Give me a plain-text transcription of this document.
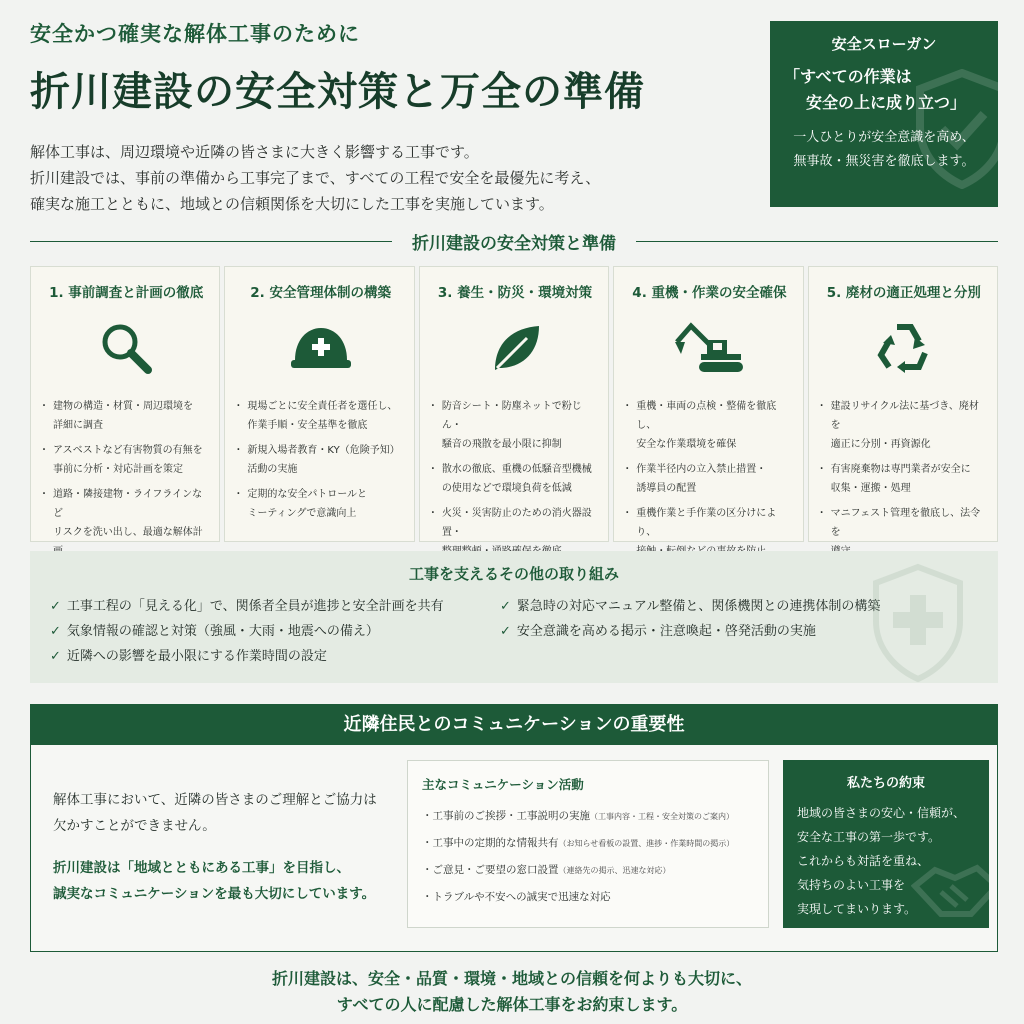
安全かつ確実な解体工事のために
折川建設の安全対策と万全の準備

解体工事は、周辺環境や近隣の皆さまに大きく影響する工事です。

折川建設では、事前の準備から工事完了まで、すべての工程で安全を最優先に考え、

確実な施工とともに、地域との信頼関係を大切にした工事を実施しています。

安全スローガン
「すべての作業は
安全の上に成り立つ」
一人ひとりが安全意識を高め、
無事故・無災害を徹底します。
折川建設の安全対策と準備
1. 事前調査と計画の徹底
・ 建物の構造・材質・周辺環境を
詳細に調査
・ アスベストなど有害物質の有無を
事前に分析・対応計画を策定
・ 道路・隣接建物・ライフラインなど
リスクを洗い出し、最適な解体計

2. 安全管理体制の構築
・ 現場ごとに安全責任者を選任し、
作業手順・安全基準を徹底
・ 新規入場者教育・KY（危険予知）
活動の実施
・ 定期的な安全パトロールと
ミーティングで意識向上
3. 養生・防災・環境対策
・ 防音シート・防塵ネットで粉じん・
騒音の飛散を最小限に抑制
・ 散水の徹底、重機の低騒音型機械
の使用などで環境負荷を低減
・ 火災・災害防止のための消火器設置・

4. 重機・作業の安全確保
・ 重機・車両の点検・整備を徹底し、
安全な作業環境を確保
・ 作業半径内の立入禁止措置・
誘導員の配置
・ 重機作業と手作業の区分けにより、

5. 廃材の適正処理と分別
・ 建設リサイクル法に基づき、廃材を
適正に分別・再資源化
・ 有害廃棄物は専門業者が安全に
収集・運搬・処理
・ マニフェスト管理を徹底し、法令を

工事を支えるその他の取り組み
✓ 工事工程の「見える化」で、関係者全員が進捗と安全計画を共有
✓ 気象情報の確認と対策（強風・大雨・地震への備え）
✓ 近隣への影響を最小限にする作業時間の設定
✓ 緊急時の対応マニュアル整備と、関係機関との連携体制の構築
✓ 安全意識を高める掲示・注意喚起・啓発活動の実施
近隣住民とのコミュニケーションの重要性

解体工事において、近隣の皆さまのご理解とご協力は

欠かすことができません。

折川建設は「地域とともにある工事」を目指し、

誠実なコミュニケーションを最も大切にしています。

主なコミュニケーション活動
・工事前のご挨拶・工事説明の実施（工事内容・工程・安全対策のご案内）
・工事中の定期的な情報共有（お知らせ看板の設置、進捗・作業時間の掲示）
・ご意見・ご要望の窓口設置（連絡先の掲示、迅速な対応）
・トラブルや不安への誠実で迅速な対応
私たちの約束

地域の皆さまの安心・信頼が、

安全な工事の第一歩です。

これからも対話を重ね、

気持ちのよい工事を

実現してまいります。

折川建設は、安全・品質・環境・地域との信頼を何よりも大切に、
すべての人に配慮した解体工事をお約束します。
